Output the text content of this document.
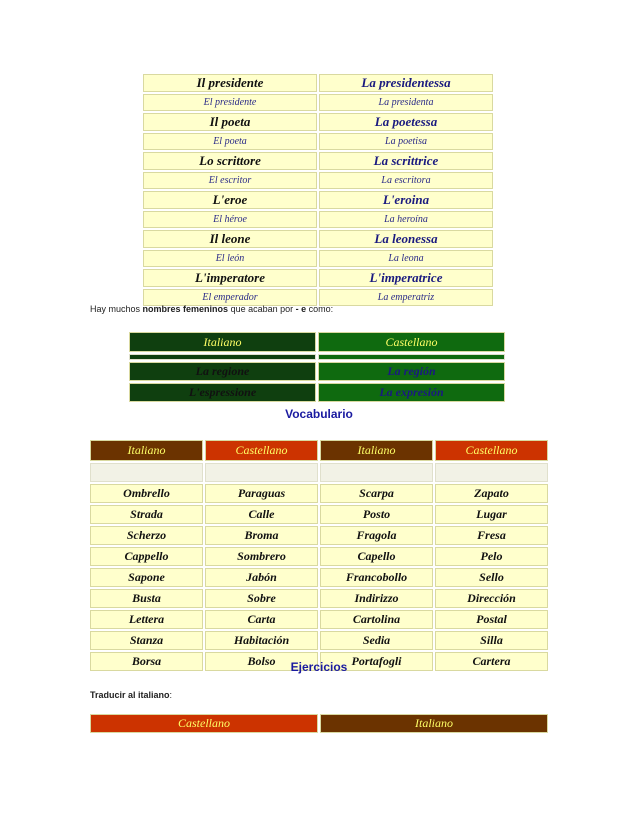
Il presidente	La presidentessa
El presidente	La presidenta
Il poeta	La poetessa
El poeta	La poetisa
Lo scrittore	La scrittrice
El escritor	La escritora
L'eroe	L'eroina
El héroe	La heroína
Il leone	La leonessa
El león	La leona
L'imperatore	L'imperatrice
El emperador	La emperatriz
Hay muchos nombres femeninos que acaban por - e como:
Italiano	Castellano

La regione	La región
L'espressione	La expresión
Vocabulario
Italiano	Castellano	Italiano	Castellano

Ombrello	Paraguas	Scarpa	Zapato
Strada	Calle	Posto	Lugar
Scherzo	Broma	Fragola	Fresa
Cappello	Sombrero	Capello	Pelo
Sapone	Jabón	Francobollo	Sello
Busta	Sobre	Indirizzo	Dirección
Lettera	Carta	Cartolina	Postal
Stanza	Habitación	Sedia	Silla
Borsa	Bolso	Portafogli	Cartera
Ejercicios
Traducir al italiano:
Castellano	Italiano
